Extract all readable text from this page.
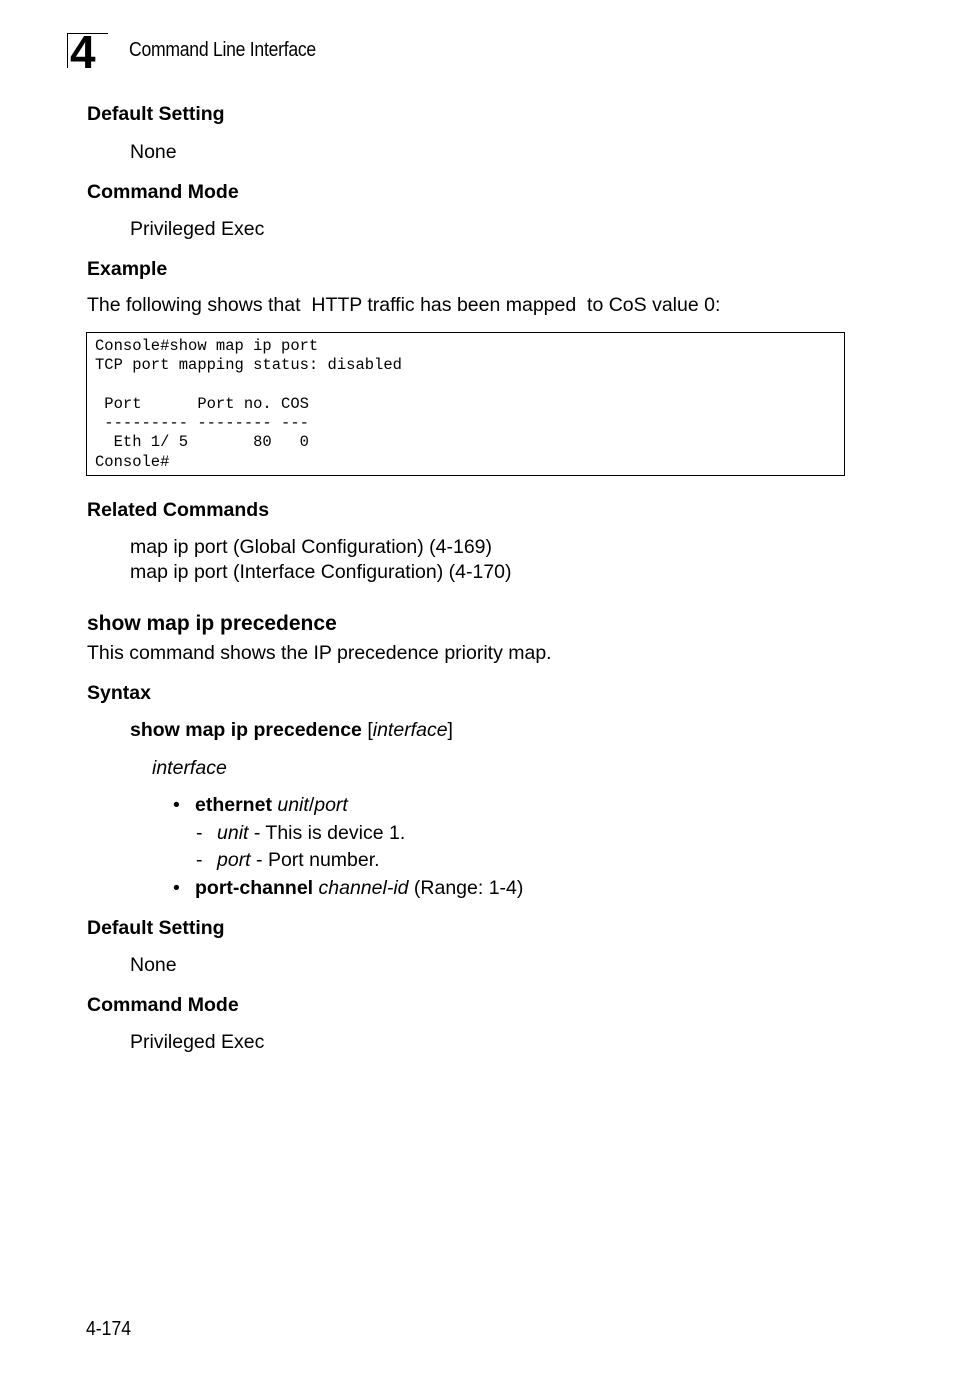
4 Command Line Interface
Default Setting
None
Command Mode
Privileged Exec
Example
The following shows that  HTTP traffic has been mapped  to CoS value 0:
Console#show map ip port
TCP port mapping status: disabled

Port      Port no. COS
--------- -------- ---
Eth 1/ 5       80   0
Console#
Related Commands
map ip port (Global Configuration) (4-169)
map ip port (Interface Configuration) (4-170)
show map ip precedence
This command shows the IP precedence priority map.
Syntax
show map ip precedence [interface]
interface
• ethernet unit/port
- unit - This is device 1.
- port - Port number.
• port-channel channel-id (Range: 1-4)
Default Setting
None
Command Mode
Privileged Exec
4-174
